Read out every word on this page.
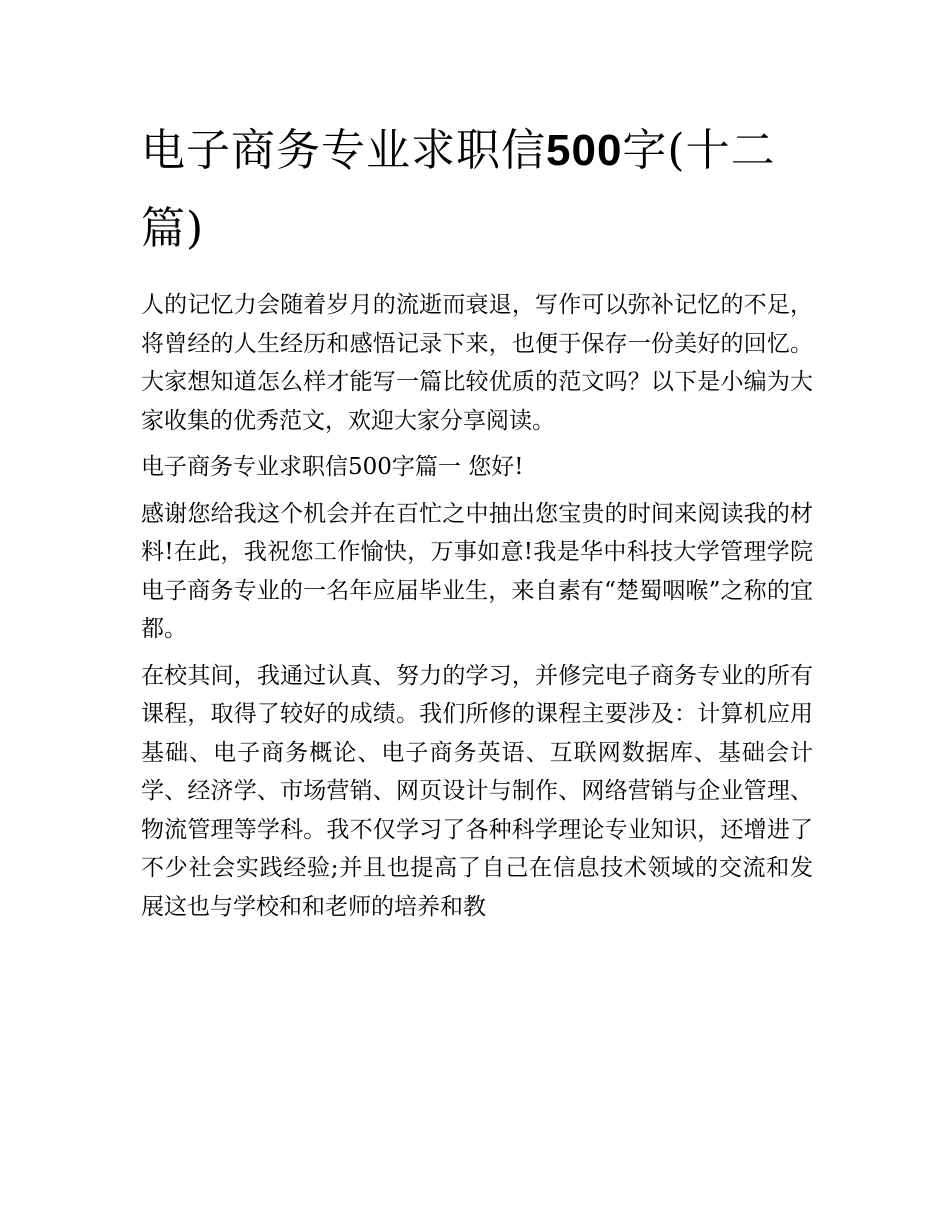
电子商务专业求职信500字(十二篇)

人的记忆力会随着岁月的流逝而衰退，写作可以弥补记忆的不足，将曾经的人生经历和感悟记录下来，也便于保存一份美好的回忆。大家想知道怎么样才能写一篇比较优质的范文吗？以下是小编为大家收集的优秀范文，欢迎大家分享阅读。

电子商务专业求职信500字篇一 您好!

感谢您给我这个机会并在百忙之中抽出您宝贵的时间来阅读我的材料!在此，我祝您工作愉快，万事如意!我是华中科技大学管理学院电子商务专业的一名年应届毕业生，来自素有“楚蜀咽喉”之称的宜都。

在校其间，我通过认真、努力的学习，并修完电子商务专业的所有课程，取得了较好的成绩。我们所修的课程主要涉及：计算机应用基础、电子商务概论、电子商务英语、互联网数据库、基础会计学、经济学、市场营销、网页设计与制作、网络营销与企业管理、物流管理等学科。我不仅学习了各种科学理论专业知识，还增进了不少社会实践经验;并且也提高了自己在信息技术领域的交流和发展这也与学校和和老师的培养和教
